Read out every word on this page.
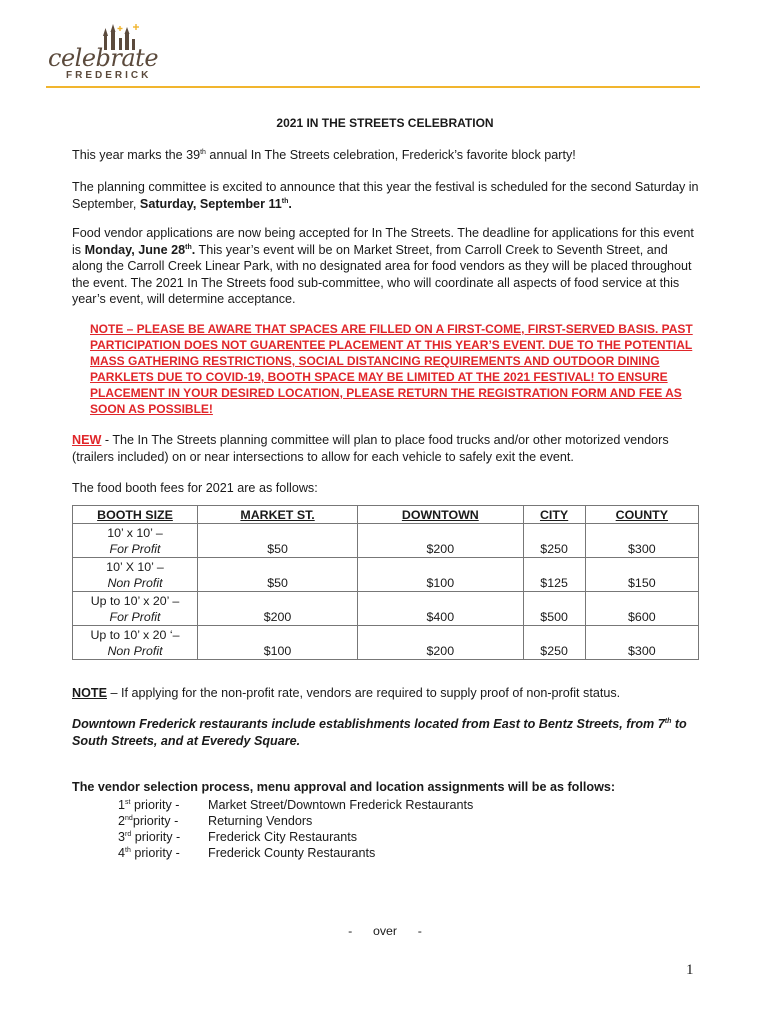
celebrate
FREDERICK
2021 IN THE STREETS CELEBRATION
This year marks the 39th annual In The Streets celebration, Frederick’s favorite block party!
The planning committee is excited to announce that this year the festival is scheduled for the second Saturday in September, Saturday, September 11th.
Food vendor applications are now being accepted for In The Streets. The deadline for applications for this event is Monday, June 28th. This year’s event will be on Market Street, from Carroll Creek to Seventh Street, and along the Carroll Creek Linear Park, with no designated area for food vendors as they will be placed throughout the event. The 2021 In The Streets food sub-committee, who will coordinate all aspects of food service at this year’s event, will determine acceptance.
NOTE – PLEASE BE AWARE THAT SPACES ARE FILLED ON A FIRST-COME, FIRST-SERVED BASIS. PAST PARTICIPATION DOES NOT GUARENTEE PLACEMENT AT THIS YEAR’S EVENT. DUE TO THE POTENTIAL MASS GATHERING RESTRICTIONS, SOCIAL DISTANCING REQUIREMENTS AND OUTDOOR DINING PARKLETS DUE TO COVID-19, BOOTH SPACE MAY BE LIMITED AT THE 2021 FESTIVAL! TO ENSURE PLACEMENT IN YOUR DESIRED LOCATION, PLEASE RETURN THE REGISTRATION FORM AND FEE AS SOON AS POSSIBLE!
NEW - The In The Streets planning committee will plan to place food trucks and/or other motorized vendors (trailers included) on or near intersections to allow for each vehicle to safely exit the event.
The food booth fees for 2021 are as follows:
BOOTH SIZE	MARKET ST.	DOWNTOWN	CITY	COUNTY

10’ x 10’ –
For Profit	$50	$200	$250	$300

10’ X 10’ –
Non Profit	$50	$100	$125	$150

Up to 10’ x 20’ –
For Profit	$200	$400	$500	$600

Up to 10’ x 20 ‘–
Non Profit	$100	$200	$250	$300
NOTE – If applying for the non-profit rate, vendors are required to supply proof of non-profit status.
Downtown Frederick restaurants include establishments located from East to Bentz Streets, from 7th to South Streets, and at Everedy Square.
The vendor selection process, menu approval and location assignments will be as follows:
1st priority - Market Street/Downtown Frederick Restaurants
2ndpriority - Returning Vendors
3rd priority - Frederick City Restaurants
4th priority - Frederick County Restaurants
-      over      -
1
